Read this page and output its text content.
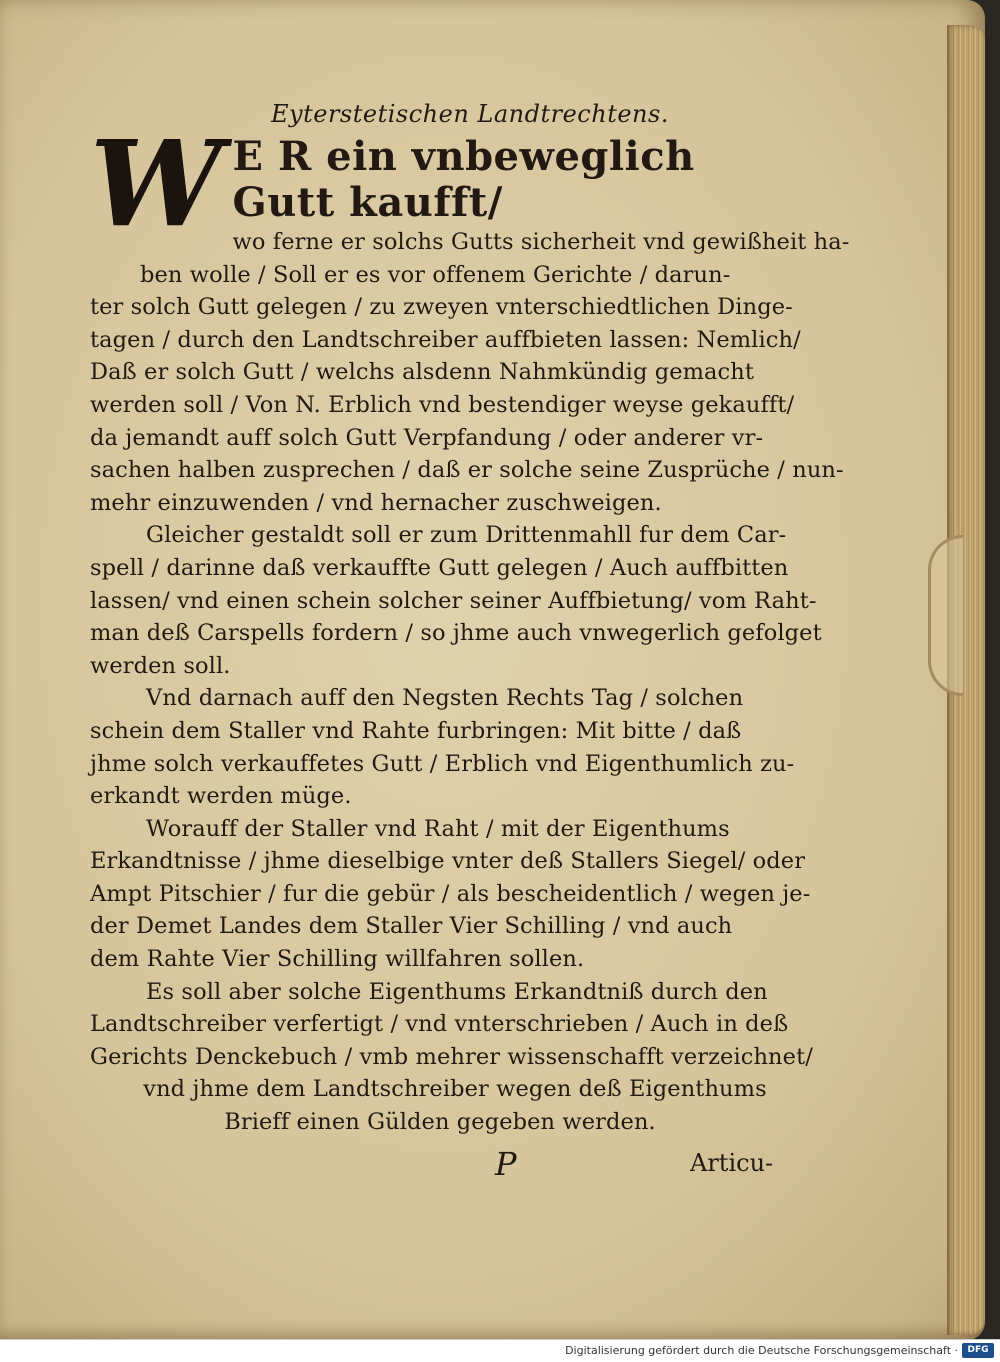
Eyterstetischen Landtrechtens.
W E R ein vnbeweglich Gutt kaufft/
wo ferne er solchs Gutts sicherheit vnd gewißheit ha-
ben wolle / Soll er es vor offenem Gerichte / darun-
ter solch Gutt gelegen / zu zweyen vnterschiedtlichen Dinge-
tagen / durch den Landtschreiber auffbieten lassen: Nemlich/
Daß er solch Gutt / welchs alsdenn Nahmkündig gemacht
werden soll / Von N. Erblich vnd bestendiger weyse gekaufft/
da jemandt auff solch Gutt Verpfandung / oder anderer vr-
sachen halben zusprechen / daß er solche seine Zusprüche / nun-
mehr einzuwenden / vnd hernacher zuschweigen.
Gleicher gestaldt soll er zum Drittenmahll fur dem Car-
spell / darinne daß verkauffte Gutt gelegen / Auch auffbitten
lassen/ vnd einen schein solcher seiner Auffbietung/ vom Raht-
man deß Carspells fordern / so jhme auch vnwegerlich gefolget
werden soll.
Vnd darnach auff den Negsten Rechts Tag / solchen
schein dem Staller vnd Rahte furbringen: Mit bitte / daß
jhme solch verkauffetes Gutt / Erblich vnd Eigenthumlich zu-
erkandt werden müge.
Worauff der Staller vnd Raht / mit der Eigenthums
Erkandtnisse / jhme dieselbige vnter deß Stallers Siegel/ oder
Ampt Pitschier / fur die gebür / als bescheidentlich / wegen je-
der Demet Landes dem Staller Vier Schilling / vnd auch
dem Rahte Vier Schilling willfahren sollen.
Es soll aber solche Eigenthums Erkandtniß durch den
Landtschreiber verfertigt / vnd vnterschrieben / Auch in deß
Gerichts Denckebuch / vmb mehrer wissenschafft verzeichnet/
vnd jhme dem Landtschreiber wegen deß Eigenthums
Brieff einen Gülden gegeben werden.
P	Articu-
Digitalisierung gefördert durch die Deutsche Forschungsgemeinschaft ·	DFG
